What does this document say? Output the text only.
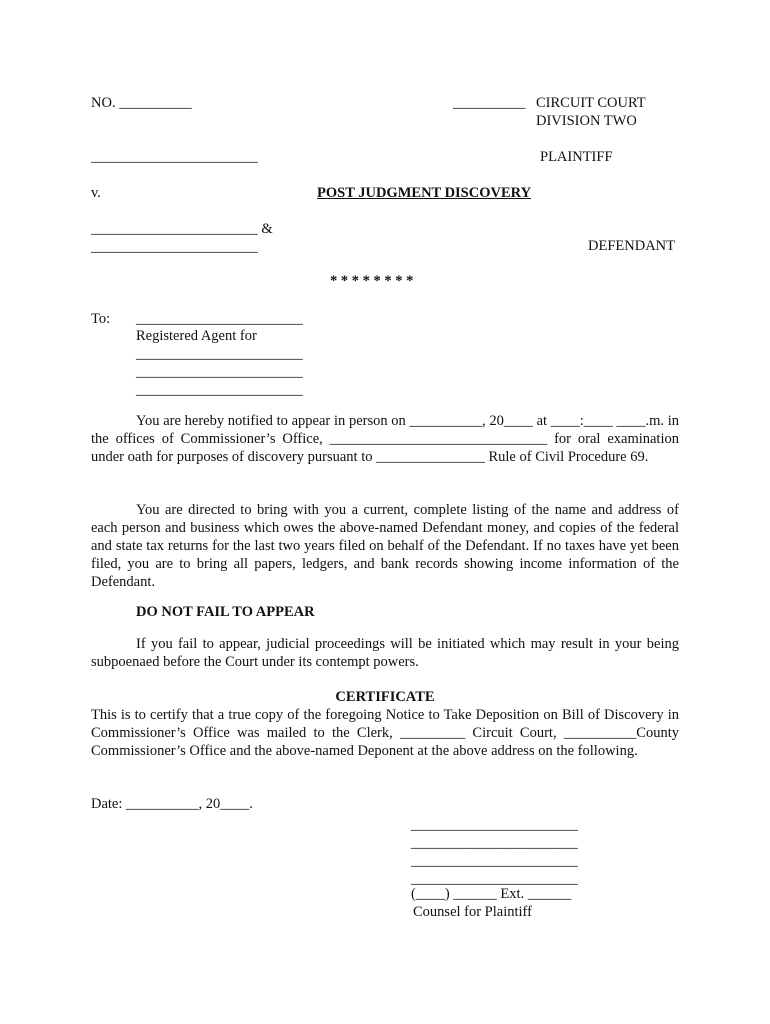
NO. __________	__________ CIRCUIT COURT

DIVISION TWO

_______________________	PLAINTIFF

v.	POST JUDGMENT DISCOVERY

_______________________ &

_______________________	DEFENDANT

* * * * * * * *

To: _______________________

Registered Agent for

_______________________

_______________________

_______________________

You are hereby notified to appear in person on __________, 20____ at ____:____ ____.m. in the offices of Commissioner’s Office, ______________________________ for oral examination under oath for purposes of discovery pursuant to _______________ Rule of Civil Procedure 69.

You are directed to bring with you a current, complete listing of the name and address of each person and business which owes the above-named Defendant money, and copies of the federal and state tax returns for the last two years filed on behalf of the Defendant. If no taxes have yet been filed, you are to bring all papers, ledgers, and bank records showing income information of the Defendant.

DO NOT FAIL TO APPEAR

If you fail to appear, judicial proceedings will be initiated which may result in your being subpoenaed before the Court under its contempt powers.

CERTIFICATE

This is to certify that a true copy of the foregoing Notice to Take Deposition on Bill of Discovery in Commissioner’s Office was mailed to the Clerk, _________ Circuit Court, __________County Commissioner’s Office and the above-named Deponent at the above address on the following.

Date: __________, 20____.

_______________________

_______________________

_______________________

_______________________

(____) ______ Ext. ______

Counsel for Plaintiff
